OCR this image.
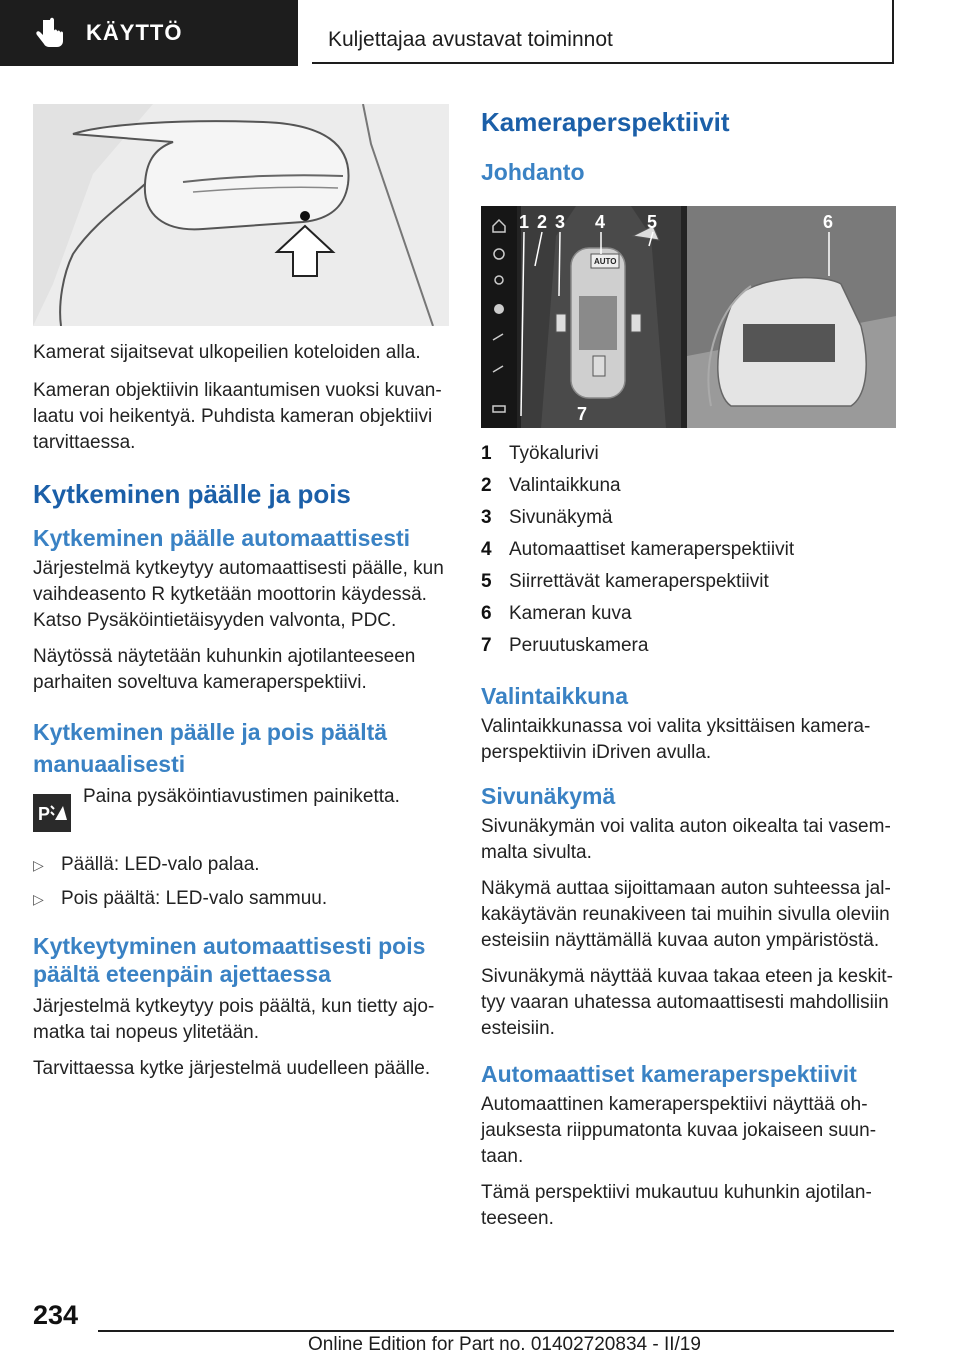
KÄYTTÖ	Kuljettajaa avustavat toiminnot

Kamerat sijaitsevat ulkopeilien koteloiden alla.

Kameran objektiivin likaantumisen vuoksi kuvanlaatu voi heikentyä. Puhdista kameran objektiivi tarvittaessa.

Kytkeminen päälle ja pois
Kytkeminen päälle automaattisesti

Järjestelmä kytkeytyy automaattisesti päälle, kun vaihdeasento R kytketään moottorin käydessä. Katso Pysäköintietäisyyden valvonta, PDC.

Näytössä näytetään kuhunkin ajotilanteeseen parhaiten soveltuva kameraperspektiivi.

Kytkeminen päälle ja pois päältä manuaalisesti
P

Paina pysäköintiavustimen painiketta.

▷ Päällä: LED-valo palaa.
▷ Pois päältä: LED-valo sammuu.
Kytkeytyminen automaattisesti pois päältä eteenpäin ajettaessa

Järjestelmä kytkeytyy pois päältä, kun tietty ajomatka tai nopeus ylitetään.

Tarvittaessa kytke järjestelmä uudelleen päälle.

Kameraperspektiivit
Johdanto
AUTO
1 2 3 4 5	6
7
1 Työkalurivi
2 Valintaikkuna
3 Sivunäkymä
4 Automaattiset kameraperspektiivit
5 Siirrettävät kameraperspektiivit
6 Kameran kuva
7 Peruutuskamera
Valintaikkuna

Valintaikkunassa voi valita yksittäisen kameraperspektiivin iDriven avulla.

Sivunäkymä

Sivunäkymän voi valita auton oikealta tai vasemmalta sivulta.

Näkymä auttaa sijoittamaan auton suhteessa jalkakäytävän reunakiveen tai muihin sivulla oleviin esteisiin näyttämällä kuvaa auton ympäristöstä.

Sivunäkymä näyttää kuvaa takaa eteen ja keskittyy vaaran uhatessa automaattisesti mahdollisiin esteisiin.

Automaattiset kameraperspektiivit

Automaattinen kameraperspektiivi näyttää ohjauksesta riippumatonta kuvaa jokaiseen suuntaan.

Tämä perspektiivi mukautuu kuhunkin ajotilanteeseen.

234
Online Edition for Part no. 01402720834 - II/19
